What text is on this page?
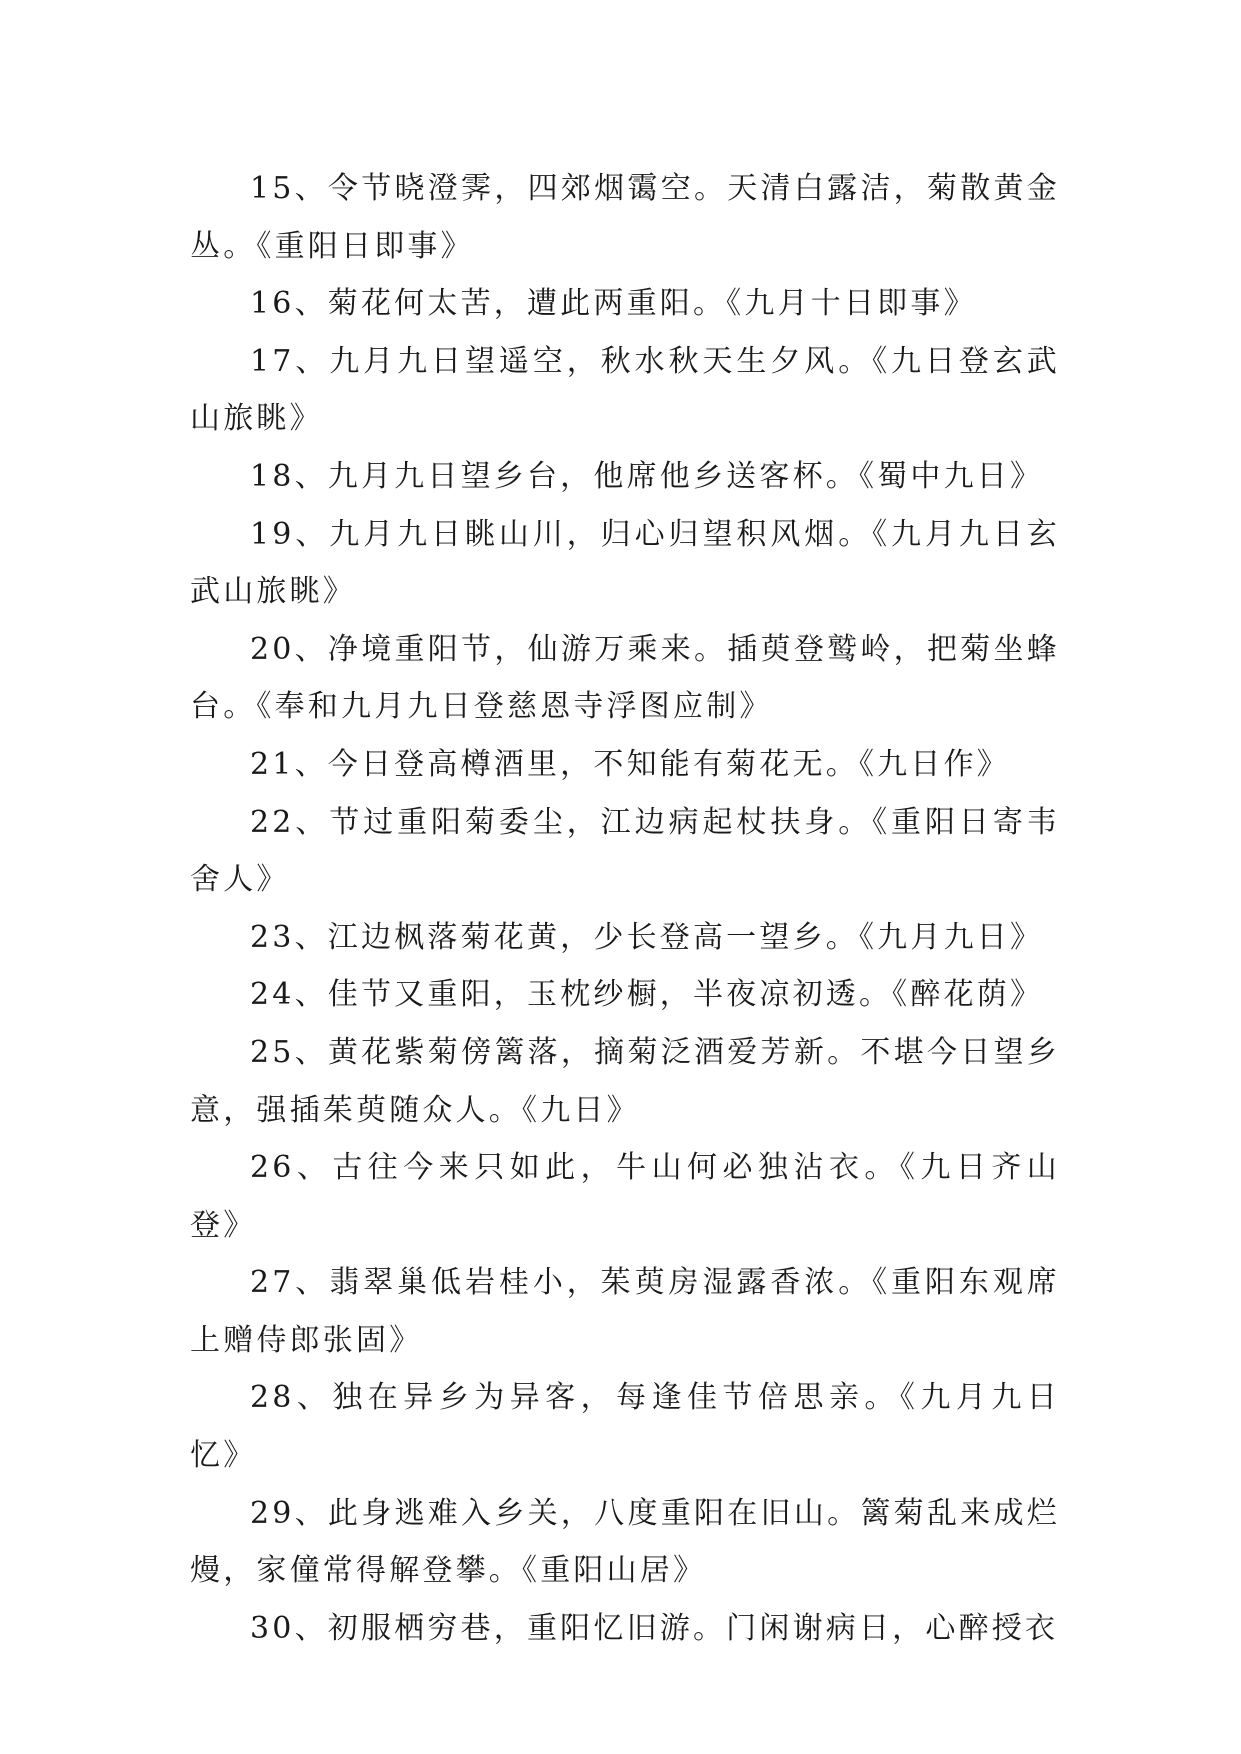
15、令节晓澄霁，四郊烟霭空。天清白露洁，菊散黄金丛。《重阳日即事》

16、菊花何太苦，遭此两重阳。《九月十日即事》

17、九月九日望遥空，秋水秋天生夕风。《九日登玄武山旅眺》

18、九月九日望乡台，他席他乡送客杯。《蜀中九日》

19、九月九日眺山川，归心归望积风烟。《九月九日玄武山旅眺》

20、净境重阳节，仙游万乘来。插萸登鹫岭，把菊坐蜂台。《奉和九月九日登慈恩寺浮图应制》

21、今日登高樽酒里，不知能有菊花无。《九日作》

22、节过重阳菊委尘，江边病起杖扶身。《重阳日寄韦舍人》

23、江边枫落菊花黄，少长登高一望乡。《九月九日》

24、佳节又重阳，玉枕纱橱，半夜凉初透。《醉花荫》

25、黄花紫菊傍篱落，摘菊泛酒爱芳新。不堪今日望乡意，强插茱萸随众人。《九日》

26、古往今来只如此，牛山何必独沾衣。《九日齐山登》

27、翡翠巢低岩桂小，茱萸房湿露香浓。《重阳东观席上赠侍郎张固》

28、独在异乡为异客，每逢佳节倍思亲。《九月九日忆》

29、此身逃难入乡关，八度重阳在旧山。篱菊乱来成烂熳，家僮常得解登攀。《重阳山居》

30、初服栖穷巷，重阳忆旧游。门闲谢病日，心醉授衣
